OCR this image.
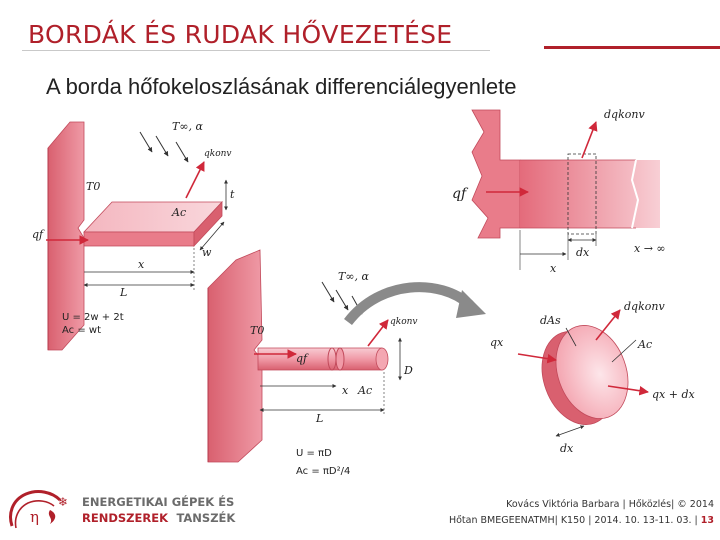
BORDÁK ÉS RUDAK HŐVEZETÉSE
A borda hőfokeloszlásának differenciálegyenlete
T∞, α
qkonv
T0
Ac
t
w
qf
x
L
U = 2w + 2t
Ac = wt
T∞, α
qkonv
T0
qf
D
x Ac
L
U = πD
Ac = πD²/4
dqkonv
qf
dx
x
x → ∞
dAs
dqkonv
qx	Ac
qx + dx
dx
η
❄ ENERGETIKAI GÉPEK ÉS
RENDSZEREK TANSZÉK
Kovács Viktória Barbara | Hőközlés| © 2014
Hőtan BMEGEENATMH| K150 | 2014. 10. 13-11. 03. | 13
